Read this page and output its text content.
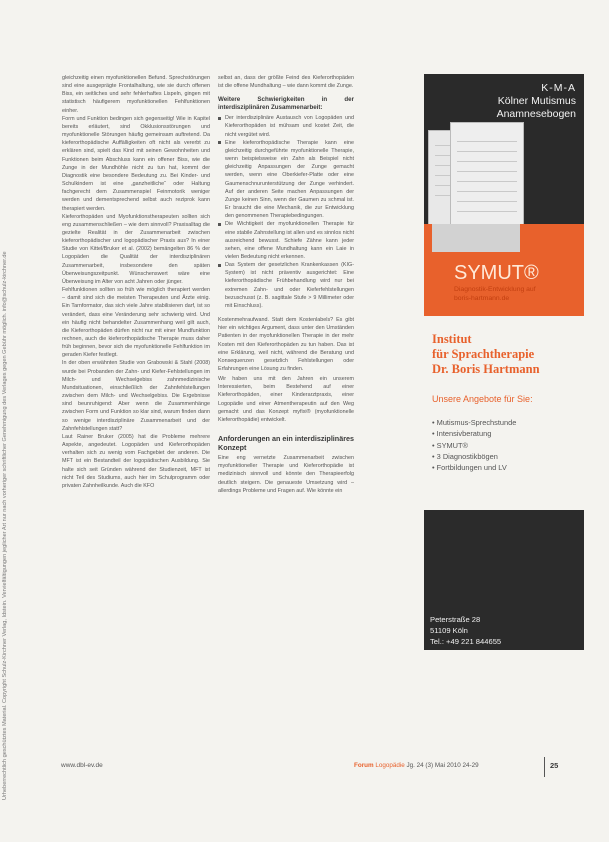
Urheberrechtlich geschütztes Material. Copyright Schulz-Kirchner Verlag, Idstein. Vervielfältigungen jeglicher Art nur nach vorheriger schriftlicher Genehmigung des Verlages gegen Gebühr möglich. info@schulz-kirchner.de

gleichzeitig einen myofunktionellen Befund. Sprechstörungen sind eine ausgeprägte Frontalhaltung, wie sie durch offenen Biss, ein seitliches und sehr fehlerhaftes Lispeln, gingen mit statistisch häufigerem myofunktionellen Fehlfunktionen einher.

Form und Funktion bedingen sich gegenseitig! Wie in Kapitel bereits erläutert, sind Okklusionsstörungen und myofunktionelle Störungen häufig gemeinsam auftretend. Da kieferorthopädische Auffälligkeiten oft nicht als vererbt zu erklären sind, spielt das Kind mit seinen Gewohnheiten und Funktionen beim Abschluss kann ein offener Biss, wie die Zunge in der Mundhöhle nicht zu tun hat, kommt der Diagnostik eine besondere Bedeutung zu. Bei Kinder- und Schulkindern ist eine „ganzheitliche“ oder Haltung fachgerecht dem Zusammenspiel Feinmotorik weniger werden und dementsprechend selbst auch reziprok kann therapiert werden.

Kieferorthopäden und Myofunktionstherapeuten sollten sich eng zusammenschließen – wie dem sinnvoll? Praxisalltag die gezielte Realität in der Zusammenarbeit zwischen kieferorthopädischer und logopädischer Praxis aus? In einer Studie von Kittel/Bruker et al. (2002) bemängelten 86 % der Logopäden die Qualität der interdisziplinären Zusammenarbeit, insbesondere den späten Überweisungszeitpunkt. Wünschenswert wäre eine Überweisung im Alter von acht Jahren oder jünger.

Fehlfunktionen sollten so früh wie möglich therapiert werden – damit sind sich die meisten Therapeuten und Ärzte einig. Ein Tarnformator, das sich viele Jahre stabilisieren darf, ist so verändert, dass eine Veränderung sehr schwierig wird. Und ein häufig nicht behandelter Zusammenhang weil gilt auch, die Kieferorthopäden dürfen nicht nur mit einer Mundfunktion rechnen, auch die kieferorthopädische Therapie muss daher früh beginnen, bevor sich die myofunktionelle Fehlfunktion im geraden Kiefer festlegt.

In der oben erwähnten Studie von Grabowski & Stahl (2008) wurde bei Probanden der Zahn- und Kiefer-Fehlstellungen im Milch- und Wechselgebiss zahnmedizinische Mundsituationen, einschließlich der Zahnfehlstellungen zwischen dem Milch- und Wechselgebiss. Die Ergebnisse sind beunruhigend: Aber wenn die Zusammenhänge zwischen Form und Funktion so klar sind, warum finden dann so wenige interdisziplinäre Zusammenarbeit und der Zahnfehlstellungen statt?

Laut Rainer Bruker (2005) hat die Probleme mehrere Aspekte, angedeutet. Logopäden und Kieferorthopäden verhalten sich zu wenig vom Fachgebiet der anderen. Die MFT ist ein Bestandteil der logopädischen Ausbildung. Sie halte sich seit Gründen während der Studienzeit, MFT ist nicht Teil des Studiums, auch hier im Schulprogramm oder privaten Zahnheilkunde. Auch die KFO

selbst an, dass der größte Feind des Kieferorthopäden ist die offene Mundhaltung – wie dann kommt die Zunge.

Weitere Schwierigkeiten in der interdisziplinären Zusammenarbeit:
Der interdisziplinäre Austausch von Logopäden und Kieferorthopäden ist mühsam und kostet Zeit, die nicht vergütet wird.
Eine kieferorthopädische Therapie kann eine gleichzeitig durchgeführte myofunktionelle Therapie, wenn beispielsweise ein Zahn als Beispiel nicht gleichzeitig Anpassungen der Zunge gemacht werden, wenn eine Oberkiefer-Platte oder eine Gaumenschnurunterstützung der Zunge verhindert. Auf der anderen Seite machen Anpassungen der Zunge keinen Sinn, wenn der Gaumen zu schmal ist. Er braucht die eine Mechanik, die zur Entwicklung den genommenen Therapiebedingungen.
Die Wichtigkeit der myofunktionellen Therapie für eine stabile Zahnstellung ist allen und es sinnlos nicht ausreichend bewusst. Schiefe Zähne kann jeder sehen, eine offene Mundhaltung kann ein Laie in vielen Bedeutung nicht erkennen.
Das System der gesetzlichen Krankenkassen (KIG-System) ist nicht präventiv ausgerichtet: Eine kieferorthopädische Frühbehandlung wird nur bei extremen Zahn- und oder Kieferfehlstellungen bezuschusst (z. B. sagittale Stufe > 9 Millimeter oder mit Einschluss).

Kostenmehraufwand. Statt dem Kostenlabels? Es gibt hier ein wichtiges Argument, dass unter den Umständen Patienten in der myofunktionellen Therapie in der mehr Kosten mit den Kieferorthopäden zu tun haben. Das ist eine Erklärung, weil nicht, während die Beratung und Konsequenzen gesetzlich Fehlstellungen oder Erfahrungen eine Lösung zu finden.

Wir haben uns mit den Jahren ein unserem Interessierten, beim Bestehend auf einer Kieferorthopäden, einer Kinderarztpraxis, einer Logopädie und einer Atmentherapeutin auf den Weg gemacht und das Konzept myfixi® (myofunktionelle Kieferorthopädie) entwickelt.

Anforderungen an ein interdisziplinäres Konzept

Eine eng vernetzte Zusammenarbeit zwischen myofunktioneller Therapie und Kieferorthopädie ist medizinisch sinnvoll und könnte den Therapieerfolg deutlich steigern. Die genaueste Umsetzung wird – allerdings Probleme und Fragen auf. Wie könnte ein

K-M-A
Kölner Mutismus
Anamnesebogen
SYMUT®
Diagnostik-Entwicklung auf
boris-hartmann.de
Institut
für Sprachtherapie
Dr. Boris Hartmann
Unsere Angebote für Sie:
• Mutismus-Sprechstunde
• Intensivberatung
• SYMUT®
• 3 Diagnostikbögen
• Fortbildungen und LV
Peterstraße 28
51109 Köln
Tel.: +49 221 844655
www.dbl-ev.de	Forum Logopädie Jg. 24 (3) Mai 2010 24-29	25
